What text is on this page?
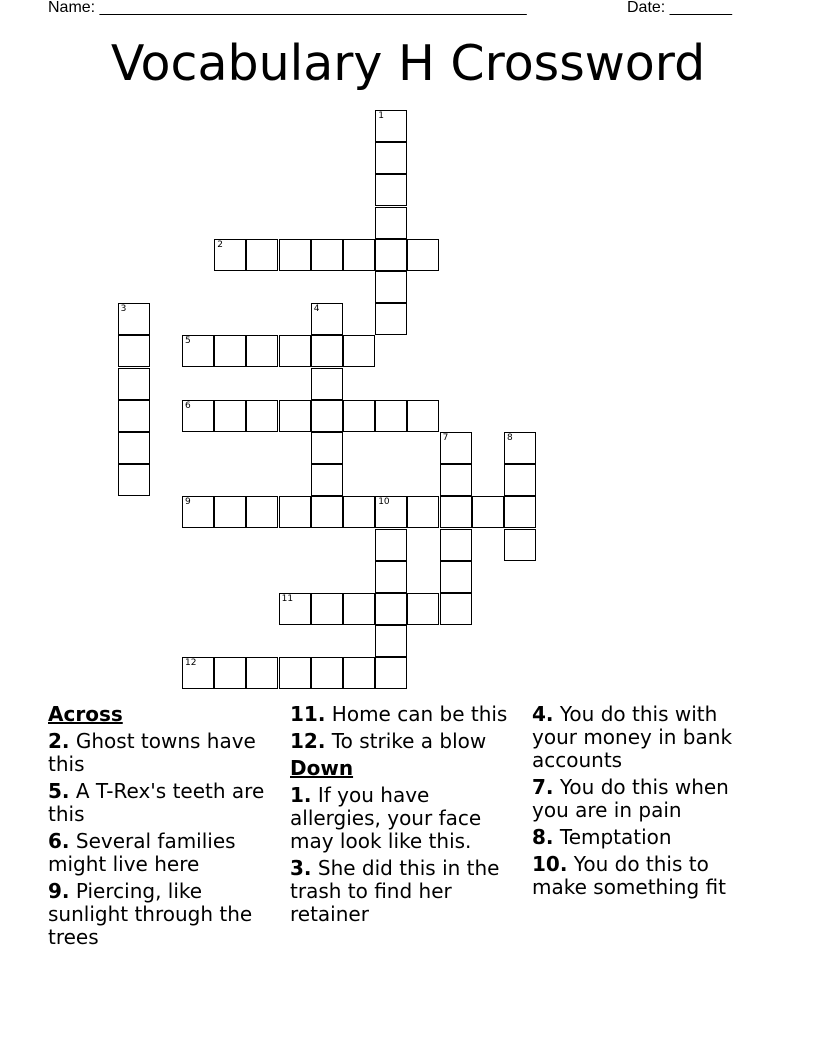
Name: ________________________________________________	Date: _______
Vocabulary H Crossword
1
2
3	4
5
6
7	8
9	10
11
12
Across
2. Ghost towns have this
5. A T-Rex's teeth are this
6. Several families might live here
9. Piercing, like sunlight through the trees
11. Home can be this
12. To strike a blow
Down
1. If you have allergies, your face may look like this.
3. She did this in the trash to find her retainer
4. You do this with your money in bank accounts
7. You do this when you are in pain
8. Temptation
10. You do this to make something fit
